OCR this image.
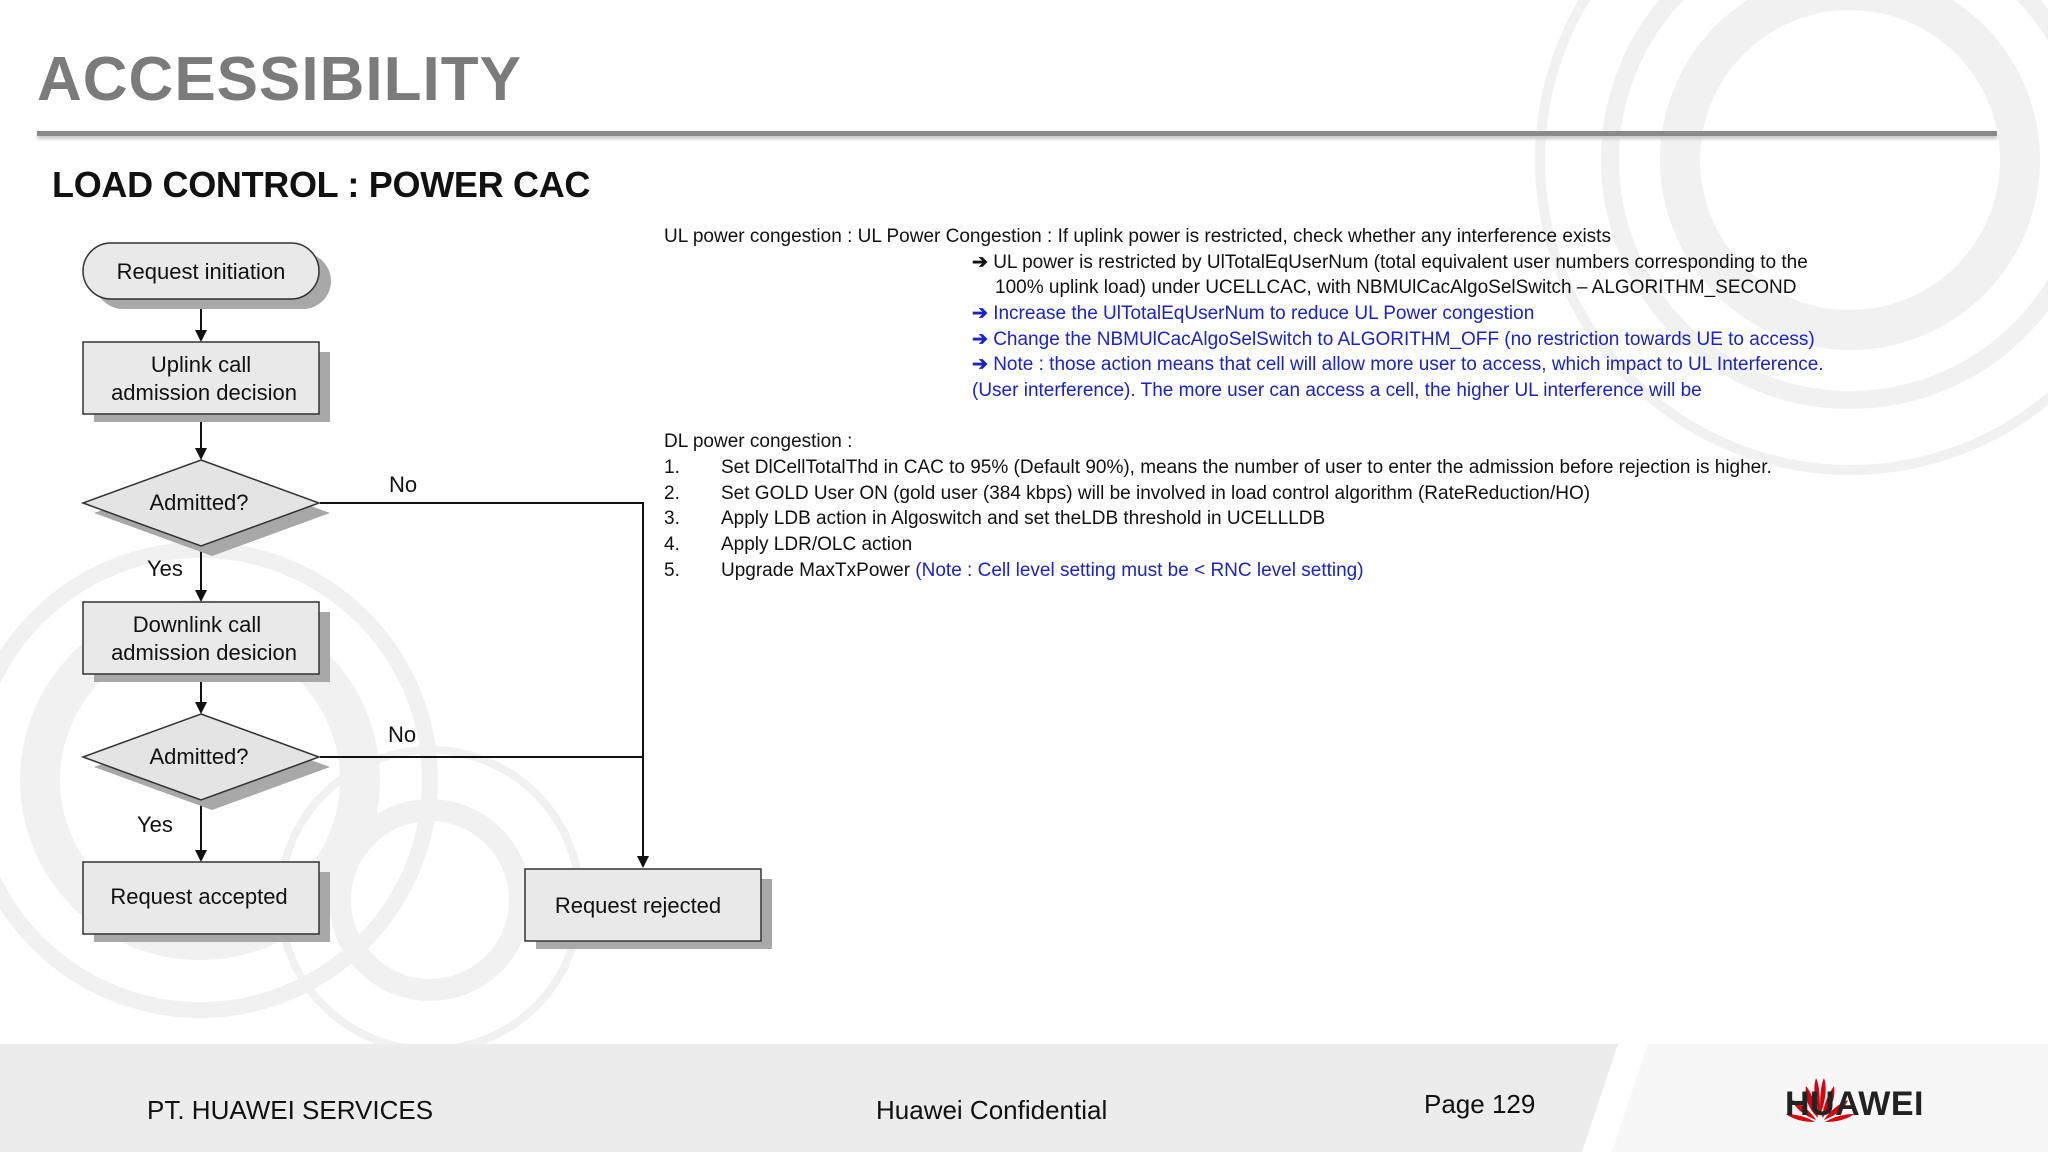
ACCESSIBILITY
LOAD CONTROL : POWER CAC
Request initiation
Uplink call
admission decision
Admitted?
No
Yes
Downlink call
admission desicion
Admitted?
No
Yes
Request accepted	Request rejected
UL power congestion : UL Power Congestion : If uplink power is restricted, check whether any interference exists
➔ UL power is restricted by UlTotalEqUserNum (total equivalent user numbers corresponding to the
100% uplink load) under UCELLCAC, with NBMUlCacAlgoSelSwitch – ALGORITHM_SECOND
➔ Increase the UlTotalEqUserNum to reduce UL Power congestion
➔ Change the NBMUlCacAlgoSelSwitch to ALGORITHM_OFF (no restriction towards UE to access)
➔ Note : those action means that cell will allow more user to access, which impact to UL Interference.
(User interference). The more user can access a cell, the higher UL interference will be
DL power congestion :
1. Set DlCellTotalThd in CAC to 95% (Default 90%), means the number of user to enter the admission before rejection is higher.
2. Set GOLD User ON (gold user (384 kbps) will be involved in load control algorithm (RateReduction/HO)
3. Apply LDB action in Algoswitch and set theLDB threshold in UCELLLDB
4. Apply LDR/OLC action
5. Upgrade MaxTxPower (Note : Cell level setting must be < RNC level setting)
PT. HUAWEI SERVICES	Huawei Confidential	Page 129	HUAWEI
